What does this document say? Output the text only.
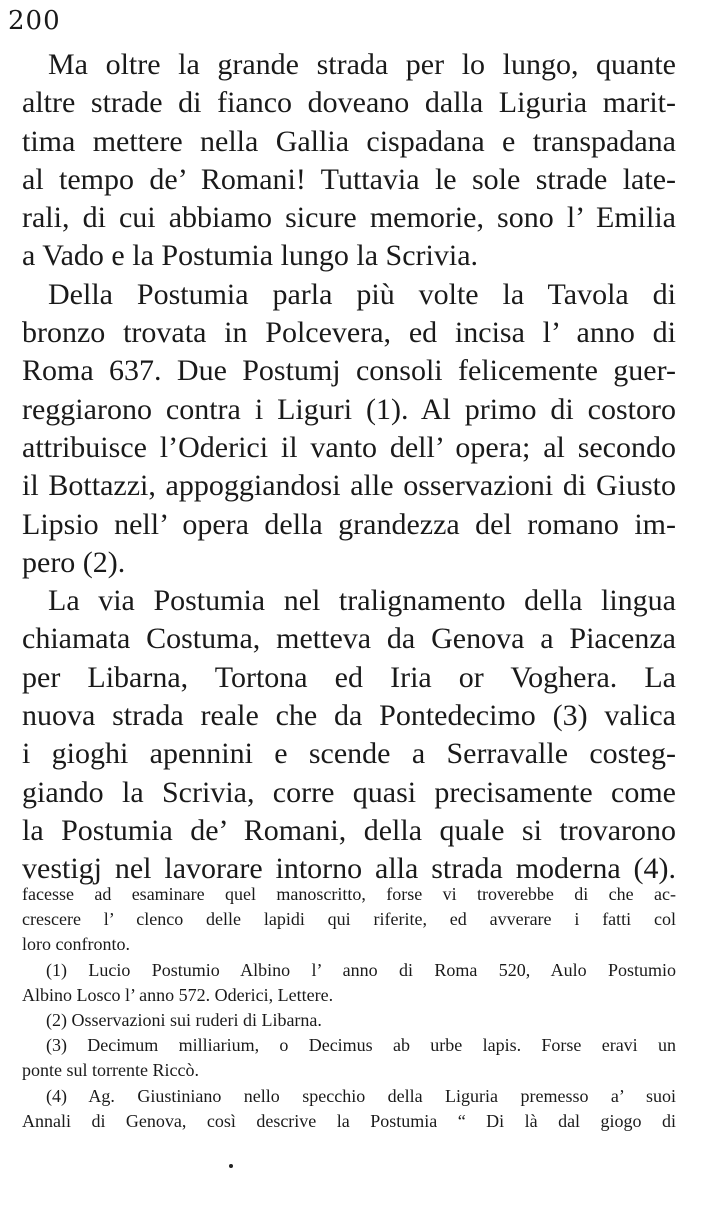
200

Ma oltre la grande strada per lo lungo, quante
altre strade di fianco doveano dalla Liguria marit-
tima mettere nella Gallia cispadana e transpadana
al tempo de’ Romani! Tuttavia le sole strade late-
rali, di cui abbiamo sicure memorie, sono l’ Emilia
a Vado e la Postumia lungo la Scrivia.

Della Postumia parla più volte la Tavola di
bronzo trovata in Polcevera, ed incisa l’ anno di
Roma 637. Due Postumj consoli felicemente guer-
reggiarono contra i Liguri (1). Al primo di costoro
attribuisce l’Oderici il vanto dell’ opera; al secondo
il Bottazzi, appoggiandosi alle osservazioni di Giusto
Lipsio nell’ opera della grandezza del romano im-
pero (2).

La via Postumia nel tralignamento della lingua
chiamata Costuma, metteva da Genova a Piacenza
per Libarna, Tortona ed Iria or Voghera. La
nuova strada reale che da Pontedecimo (3) valica
i gioghi apennini e scende a Serravalle costeg-
giando la Scrivia, corre quasi precisamente come
la Postumia de’ Romani, della quale si trovarono
vestigj nel lavorare intorno alla strada moderna (4).

facesse ad esaminare quel manoscritto, forse vi troverebbe di che ac-
crescere l’ clenco delle lapidi qui riferite, ed avverare i fatti col
loro confronto.
(1) Lucio Postumio Albino l’ anno di Roma 520, Aulo Postumio
Albino Losco l’ anno 572. Oderici, Lettere.
(2) Osservazioni sui ruderi di Libarna.
(3) Decimum milliarium, o Decimus ab urbe lapis. Forse eravi un
ponte sul torrente Riccò.
(4) Ag. Giustiniano nello specchio della Liguria premesso a’ suoi
Annali di Genova, così descrive la Postumia “ Di là dal giogo di
